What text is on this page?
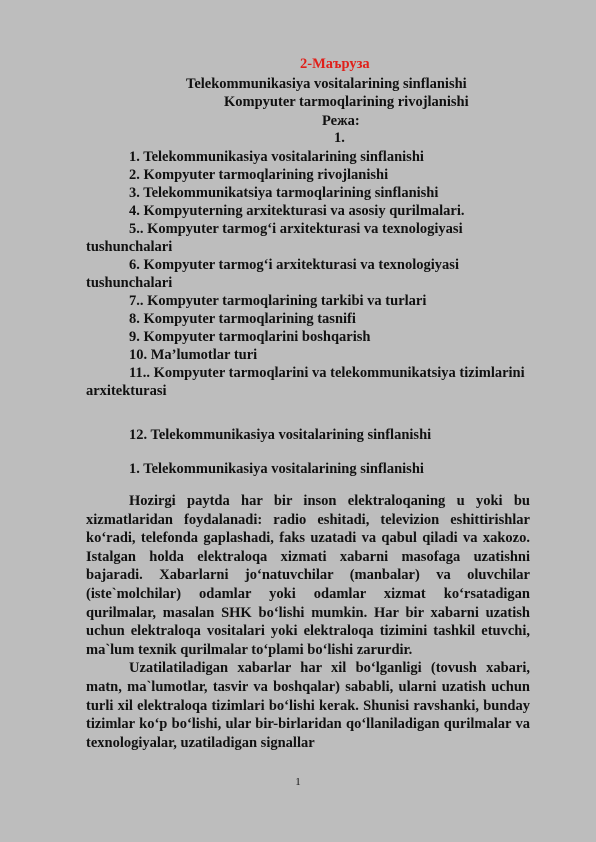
2-Маъруза
Telekommunikasiya vositalarining sinflanishi
Kompyuter tarmoqlarining rivojlanishi
Режа:
1.
1. Telekommunikasiya vositalarining sinflanishi
2. Kompyuter tarmoqlarining rivojlanishi
3. Telekommunikatsiya tarmoqlarining sinflanishi
4. Kompyuterning arxitekturasi va asosiy qurilmalari.
5.. Kompyuter tarmog‘i arxitekturasi va texnologiyasi tushunchalari
6. Kompyuter tarmog‘i arxitekturasi va texnologiyasi tushunchalari
7.. Kompyuter tarmoqlarining tarkibi va turlari
8. Kompyuter tarmoqlarining tasnifi
9. Kompyuter tarmoqlarini boshqarish
10. Ma’lumotlar turi
11.. Kompyuter tarmoqlarini va telekommunikatsiya tizimlarini arxitekturasi
12. Telekommunikasiya vositalarining sinflanishi
1. Telekommunikasiya vositalarining sinflanishi

Hozirgi paytda har bir inson elektraloqaning u yoki bu xizmatlaridan foydalanadi: radio eshitadi, televizion eshittirishlar ko‘radi, telefonda gaplashadi, faks uzatadi va qabul qiladi va xakozo. Istalgan holda elektraloqa xizmati xabarni masofaga uzatishni bajaradi. Xabarlarni jo‘natuvchilar (manbalar) va oluvchilar (iste`molchilar) odamlar yoki odamlar xizmat ko‘rsatadigan qurilmalar, masalan SHK bo‘lishi mumkin. Har bir xabarni uzatish uchun elektraloqa vositalari yoki elektraloqa tizimini tashkil etuvchi, ma`lum texnik qurilmalar to‘plami bo‘lishi zarurdir.

Uzatilatiladigan xabarlar har xil bo‘lganligi (tovush xabari, matn, ma`lumotlar, tasvir va boshqalar) sababli, ularni uzatish uchun turli xil elektraloqa tizimlari bo‘lishi kerak. Shunisi ravshanki, bunday tizimlar ko‘p bo‘lishi, ular bir-birlaridan qo‘llaniladigan qurilmalar va texnologiyalar, uzatiladigan signallar

1
